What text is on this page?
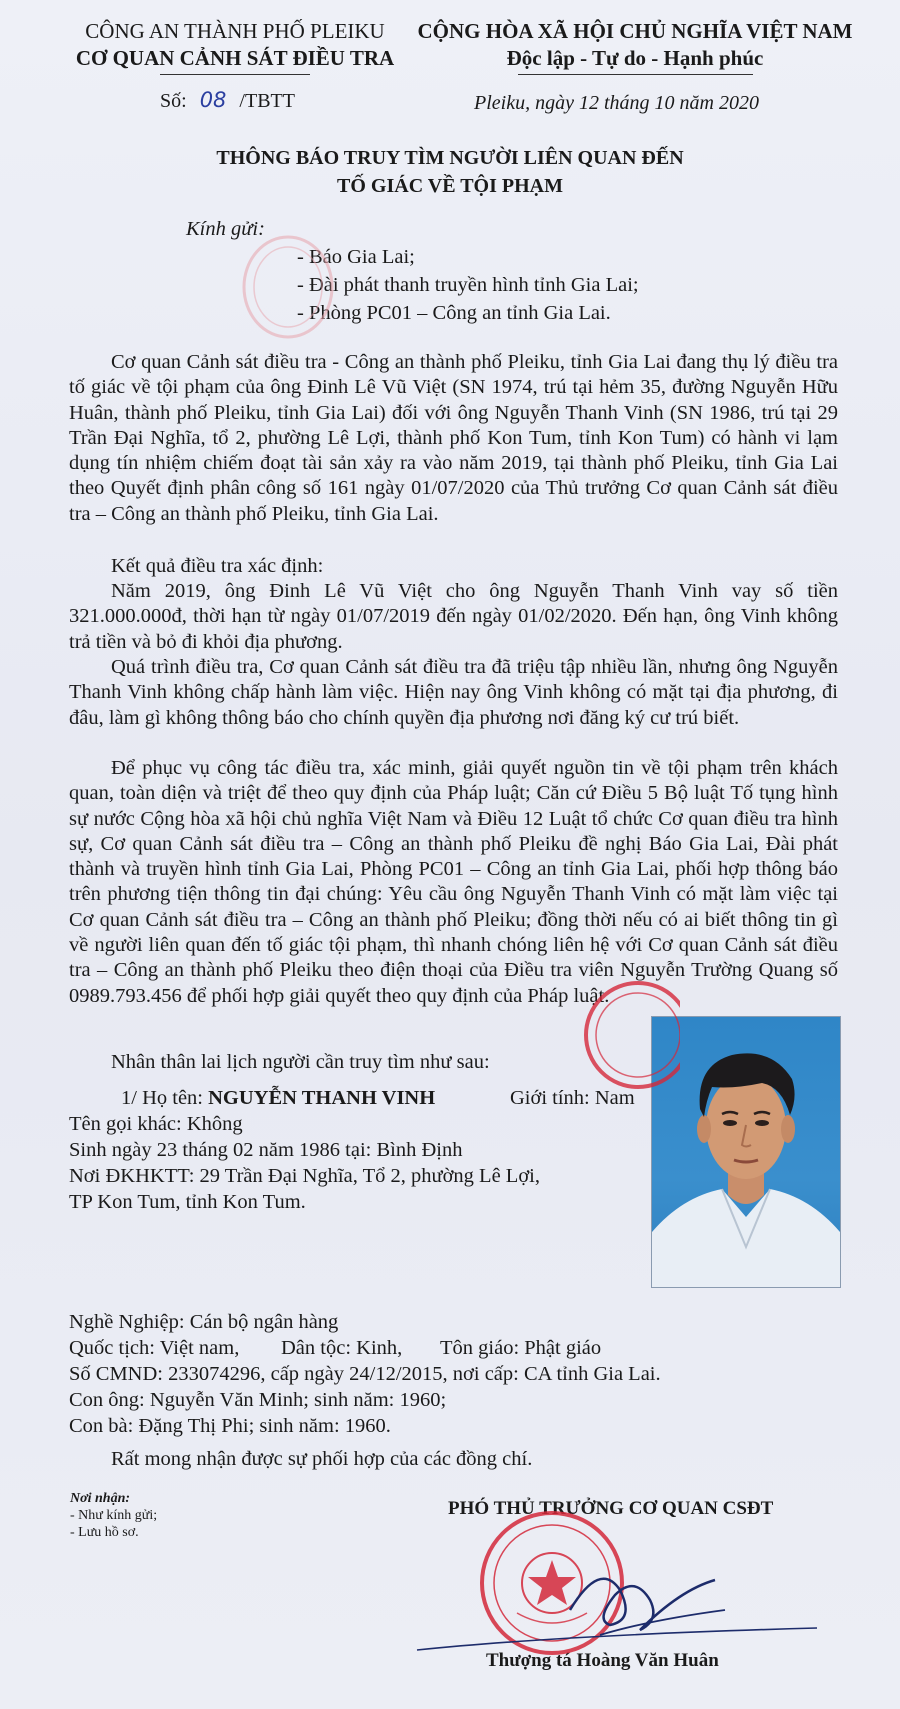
CÔNG AN THÀNH PHỐ PLEIKU
CƠ QUAN CẢNH SÁT ĐIỀU TRA
CỘNG HÒA XÃ HỘI CHỦ NGHĨA VIỆT NAM
Độc lập - Tự do - Hạnh phúc
Số: 08 /TBTT	Pleiku, ngày 12 tháng 10 năm 2020
THÔNG BÁO TRUY TÌM NGƯỜI LIÊN QUAN ĐẾN
TỐ GIÁC VỀ TỘI PHẠM
Kính gửi:
- Báo Gia Lai;
- Đài phát thanh truyền hình tỉnh Gia Lai;
- Phòng PC01 – Công an tỉnh Gia Lai.
Cơ quan Cảnh sát điều tra - Công an thành phố Pleiku, tỉnh Gia Lai đang thụ lý điều tra tố giác về tội phạm của ông Đinh Lê Vũ Việt (SN 1974, trú tại hẻm 35, đường Nguyễn Hữu Huân, thành phố Pleiku, tỉnh Gia Lai) đối với ông Nguyễn Thanh Vinh (SN 1986, trú tại 29 Trần Đại Nghĩa, tổ 2, phường Lê Lợi, thành phố Kon Tum, tỉnh Kon Tum) có hành vi lạm dụng tín nhiệm chiếm đoạt tài sản xảy ra vào năm 2019, tại thành phố Pleiku, tỉnh Gia Lai theo Quyết định phân công số 161 ngày 01/07/2020 của Thủ trưởng Cơ quan Cảnh sát điều tra – Công an thành phố Pleiku, tỉnh Gia Lai.
Kết quả điều tra xác định:
Năm 2019, ông Đinh Lê Vũ Việt cho ông Nguyễn Thanh Vinh vay số tiền 321.000.000đ, thời hạn từ ngày 01/07/2019 đến ngày 01/02/2020. Đến hạn, ông Vinh không trả tiền và bỏ đi khỏi địa phương.
Quá trình điều tra, Cơ quan Cảnh sát điều tra đã triệu tập nhiều lần, nhưng ông Nguyễn Thanh Vinh không chấp hành làm việc. Hiện nay ông Vinh không có mặt tại địa phương, đi đâu, làm gì không thông báo cho chính quyền địa phương nơi đăng ký cư trú biết.
Để phục vụ công tác điều tra, xác minh, giải quyết nguồn tin về tội phạm trên khách quan, toàn diện và triệt để theo quy định của Pháp luật; Căn cứ Điều 5 Bộ luật Tố tụng hình sự nước Cộng hòa xã hội chủ nghĩa Việt Nam và Điều 12 Luật tổ chức Cơ quan điều tra hình sự, Cơ quan Cảnh sát điều tra – Công an thành phố Pleiku đề nghị Báo Gia Lai, Đài phát thành và truyền hình tỉnh Gia Lai, Phòng PC01 – Công an tỉnh Gia Lai, phối hợp thông báo trên phương tiện thông tin đại chúng: Yêu cầu ông Nguyễn Thanh Vinh có mặt làm việc tại Cơ quan Cảnh sát điều tra – Công an thành phố Pleiku; đồng thời nếu có ai biết thông tin gì về người liên quan đến tố giác tội phạm, thì nhanh chóng liên hệ với Cơ quan Cảnh sát điều tra – Công an thành phố Pleiku theo điện thoại của Điều tra viên Nguyễn Trường Quang số 0989.793.456 để phối hợp giải quyết theo quy định của Pháp luật.
Nhân thân lai lịch người cần truy tìm như sau:
1/ Họ tên: NGUYỄN THANH VINH	Giới tính: Nam
Tên gọi khác: Không
Sinh ngày 23 tháng 02 năm 1986 tại: Bình Định
Nơi ĐKHKTT: 29 Trần Đại Nghĩa, Tổ 2, phường Lê Lợi,
TP Kon Tum, tỉnh Kon Tum.
Nghề Nghiệp: Cán bộ ngân hàng
Quốc tịch: Việt nam, Dân tộc: Kinh, Tôn giáo: Phật giáo
Số CMND: 233074296, cấp ngày 24/12/2015, nơi cấp: CA tỉnh Gia Lai.
Con ông: Nguyễn Văn Minh; sinh năm: 1960;
Con bà: Đặng Thị Phi; sinh năm: 1960.
Rất mong nhận được sự phối hợp của các đồng chí.
Nơi nhận:
- Như kính gửi;
- Lưu hồ sơ.
PHÓ THỦ TRƯỞNG CƠ QUAN CSĐT
Thượng tá Hoàng Văn Huân
